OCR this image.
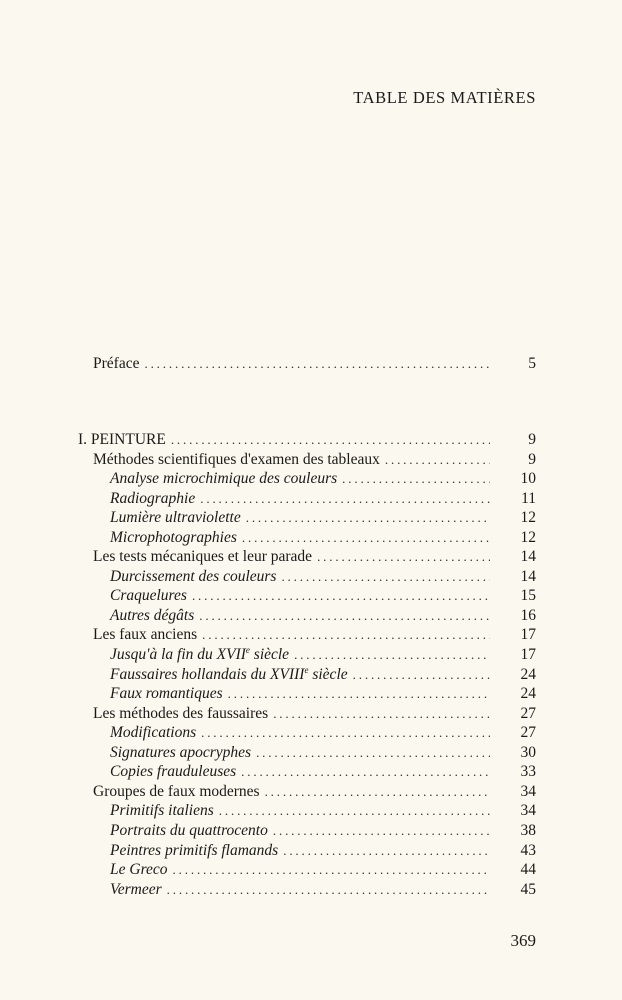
TABLE DES MATIÈRES
Préface . . .	5
I. PEINTURE . . .	9
Méthodes scientifiques d'examen des tableaux . . .	9
Analyse microchimique des couleurs . . .	10
Radiographie . . .	11
Lumière ultraviolette . . .	12
Microphotographies . . .	12
Les tests mécaniques et leur parade . . .	14
Durcissement des couleurs . . .	14
Craquelures . . .	15
Autres dégâts . . .	16
Les faux anciens . . .	17
Jusqu'à la fin du XVIIe siècle . . .	17
Faussaires hollandais du XVIIIe siècle . . .	24
Faux romantiques . . .	24
Les méthodes des faussaires . . .	27
Modifications . . .	27
Signatures apocryphes . . .	30
Copies frauduleuses . . .	33
Groupes de faux modernes . . .	34
Primitifs italiens . . .	34
Portraits du quattrocento . . .	38
Peintres primitifs flamands . . .	43
Le Greco . . .	44
Vermeer . . .	45
369
